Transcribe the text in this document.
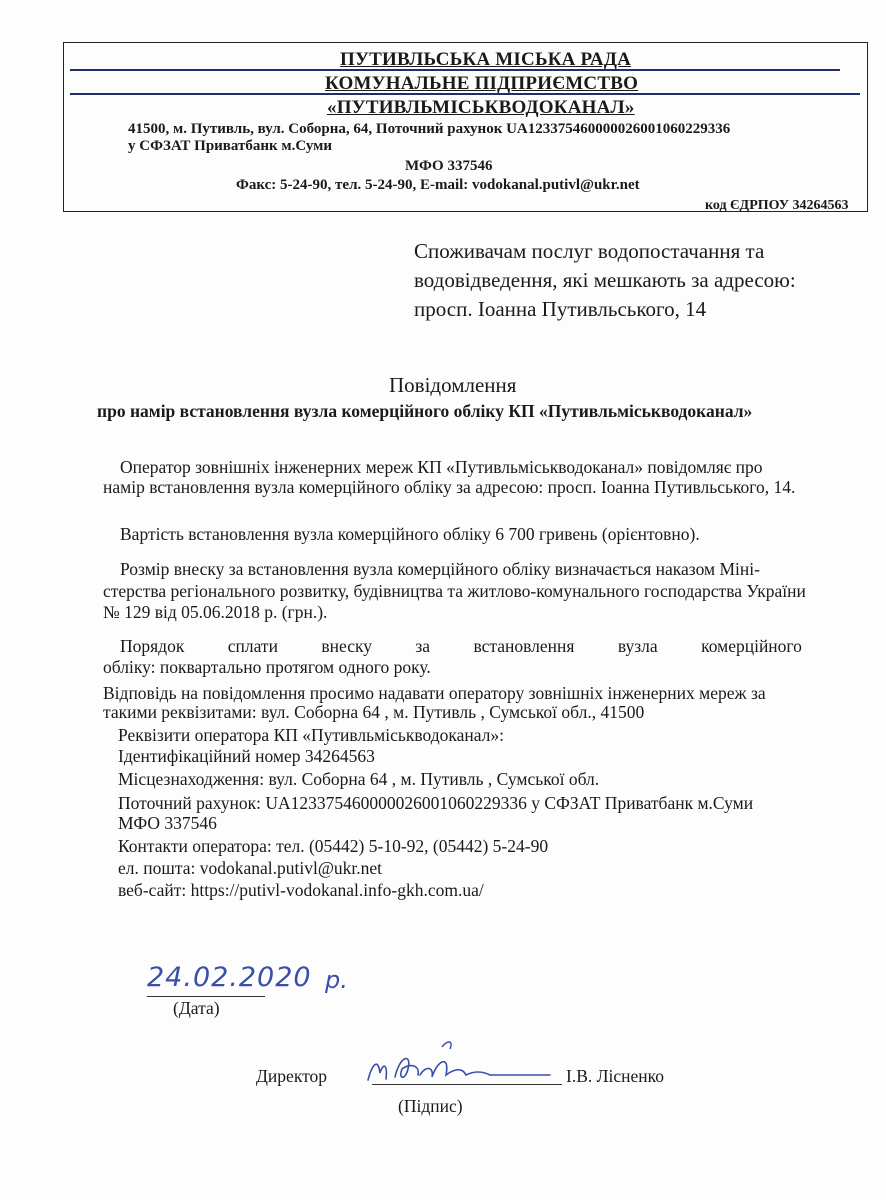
ПУТИВЛЬСЬКА МІСЬКА РАДА
КОМУНАЛЬНЕ ПІДПРИЄМСТВО
«ПУТИВЛЬМІСЬКВОДОКАНАЛ»
41500, м. Путивль, вул. Соборна, 64, Поточний рахунок UA123375460000026001060229336
у СФЗАТ Приватбанк м.Суми
МФО 337546
Факс: 5-24-90, тел. 5-24-90, E-mail: vodokanal.putivl@ukr.net
код ЄДРПОУ 34264563
Споживачам послуг водопостачання та
водовідведення, які мешкають за адресою:
просп. Іоанна Путивльського, 14
Повідомлення
про намір встановлення вузла комерційного обліку КП «Путивльміськводоканал»
Оператор зовнішніх інженерних мереж КП «Путивльміськводоканал» повідомляє про
намір встановлення вузла комерційного обліку за адресою: просп. Іоанна Путивльського, 14.
Вартість встановлення вузла комерційного обліку 6 700 гривень (орієнтовно).
Розмір внеску за встановлення вузла комерційного обліку визначається наказом Міні-
стерства регіонального розвитку, будівництва та житлово-комунального господарства України
№ 129 від 05.06.2018 р. (грн.).
Порядок сплати внеску за встановлення вузла комерційного
обліку: поквартально протягом одного року.
Відповідь на повідомлення просимо надавати оператору зовнішніх інженерних мереж за
такими реквізитами: вул. Соборна 64 , м. Путивль , Сумської обл., 41500
Реквізити оператора КП «Путивльміськводоканал»:
Ідентифікаційний номер 34264563
Місцезнаходження: вул. Соборна 64 , м. Путивль , Сумської обл.
Поточний рахунок: UA123375460000026001060229336 у СФЗАТ Приватбанк м.Суми
МФО 337546
Контакти оператора: тел. (05442) 5-10-92, (05442) 5-24-90
ел. пошта: vodokanal.putivl@ukr.net
веб-сайт: https://putivl-vodokanal.info-gkh.com.ua/
24.02.2020 р.
(Дата)
Директор	І.В. Лісненко
(Підпис)
